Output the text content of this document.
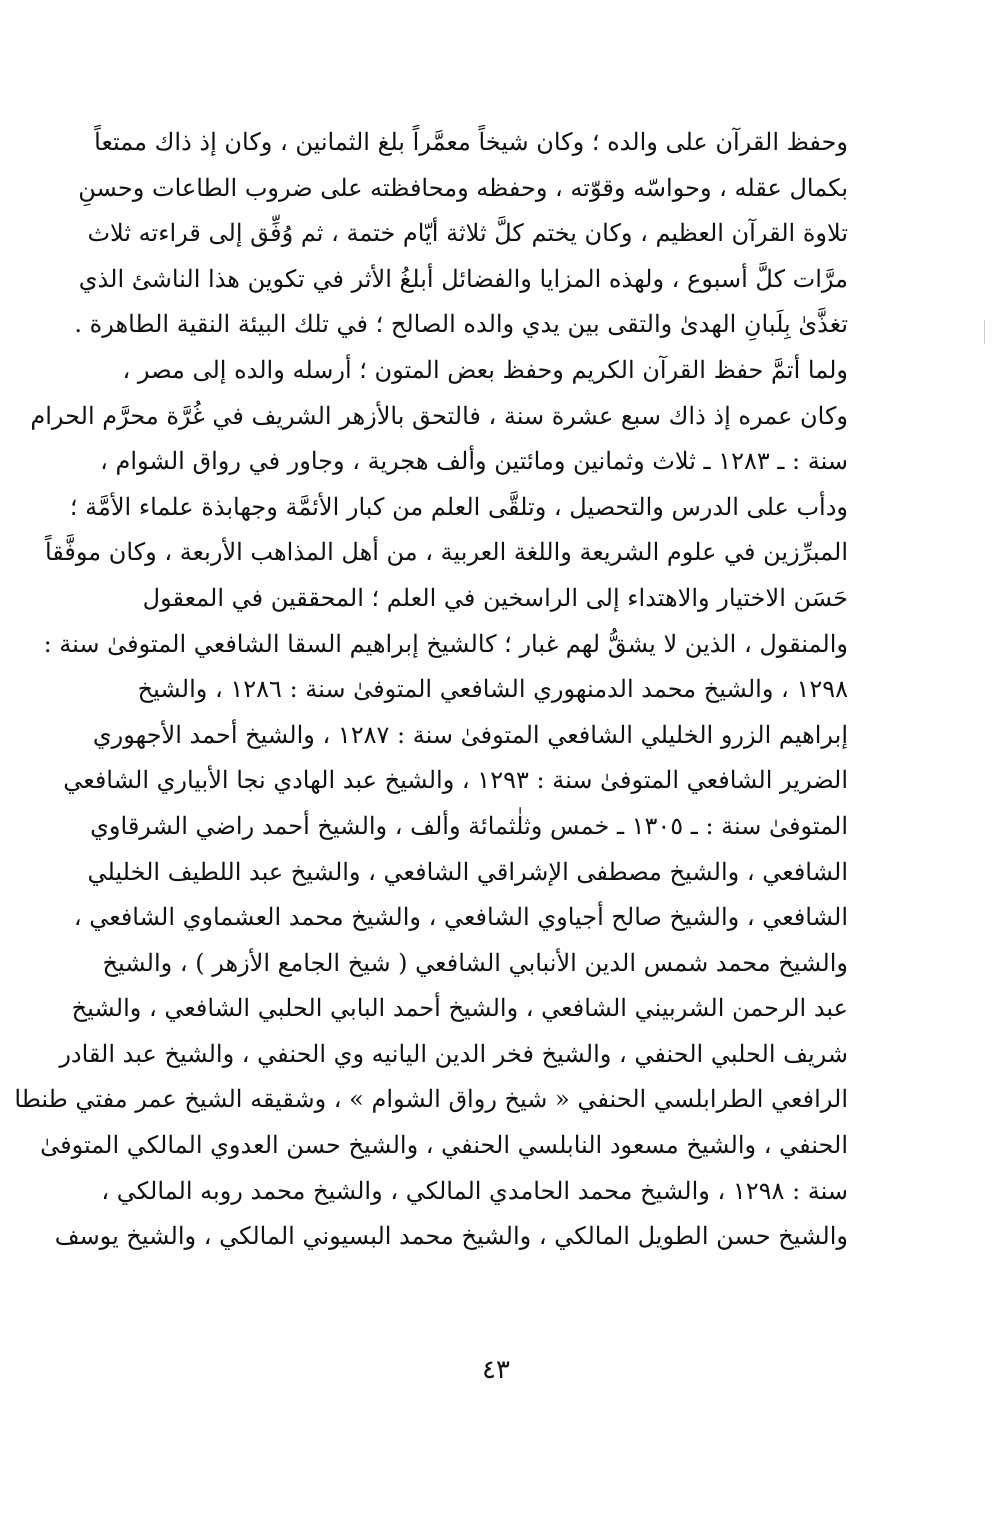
وحفظ القرآن على والده ؛ وكان شيخاً معمَّراً بلغ الثمانين ، وكان إذ ذاك ممتعاً
بكمال عقله ، وحواسّه وقوّته ، وحفظه ومحافظته على ضروب الطاعات وحسنِ
تلاوة القرآن العظيم ، وكان يختم كلَّ ثلاثة أيّام ختمة ، ثم وُفِّق إلى قراءته ثلاث
مرَّات كلَّ أسبوع ، ولهذه المزايا والفضائل أبلغُ الأثر في تكوين هذا الناشئ الذي
تغذَّىٰ بِلَبانِ الهدىٰ والتقى بين يدي والده الصالح ؛ في تلك البيئة النقية الطاهرة .
ولما أتمَّ حفظ القرآن الكريم وحفظ بعض المتون ؛ أرسله والده إلى مصر ،
وكان عمره إذ ذاك سبع عشرة سنة ، فالتحق بالأزهر الشريف في غُرَّة محرَّم الحرام
سنة : ـ ١٢٨٣ ـ ثلاث وثمانين ومائتين وألف هجرية ، وجاور في رواق الشوام ،
ودأب على الدرس والتحصيل ، وتلقَّى العلم من كبار الأئمَّة وجهابذة علماء الأمَّة ؛
المبرِّزين في علوم الشريعة واللغة العربية ، من أهل المذاهب الأربعة ، وكان موفَّقاً
حَسَن الاختيار والاهتداء إلى الراسخين في العلم ؛ المحققين في المعقول
والمنقول ، الذين لا يشقُّ لهم غبار ؛ كالشيخ إبراهيم السقا الشافعي المتوفىٰ سنة :
١٢٩٨ ، والشيخ محمد الدمنهوري الشافعي المتوفىٰ سنة : ١٢٨٦ ، والشيخ
إبراهيم الزرو الخليلي الشافعي المتوفىٰ سنة : ١٢٨٧ ، والشيخ أحمد الأجهوري
الضرير الشافعي المتوفىٰ سنة : ١٢٩٣ ، والشيخ عبد الهادي نجا الأبياري الشافعي
المتوفىٰ سنة : ـ ١٣٠٥ ـ خمس وثلٰثمائة وألف ، والشيخ أحمد راضي الشرقاوي
الشافعي ، والشيخ مصطفى الإشراقي الشافعي ، والشيخ عبد اللطيف الخليلي
الشافعي ، والشيخ صالح أجياوي الشافعي ، والشيخ محمد العشماوي الشافعي ،
والشيخ محمد شمس الدين الأنبابي الشافعي ( شيخ الجامع الأزهر ) ، والشيخ
عبد الرحمن الشربيني الشافعي ، والشيخ أحمد البابي الحلبي الشافعي ، والشيخ
شريف الحلبي الحنفي ، والشيخ فخر الدين اليانيه وي الحنفي ، والشيخ عبد القادر
الرافعي الطرابلسي الحنفي « شيخ رواق الشوام » ، وشقيقه الشيخ عمر مفتي طنطا
الحنفي ، والشيخ مسعود النابلسي الحنفي ، والشيخ حسن العدوي المالكي المتوفىٰ
سنة : ١٢٩٨ ، والشيخ محمد الحامدي المالكي ، والشيخ محمد روبه المالكي ،
والشيخ حسن الطويل المالكي ، والشيخ محمد البسيوني المالكي ، والشيخ يوسف
٤٣
